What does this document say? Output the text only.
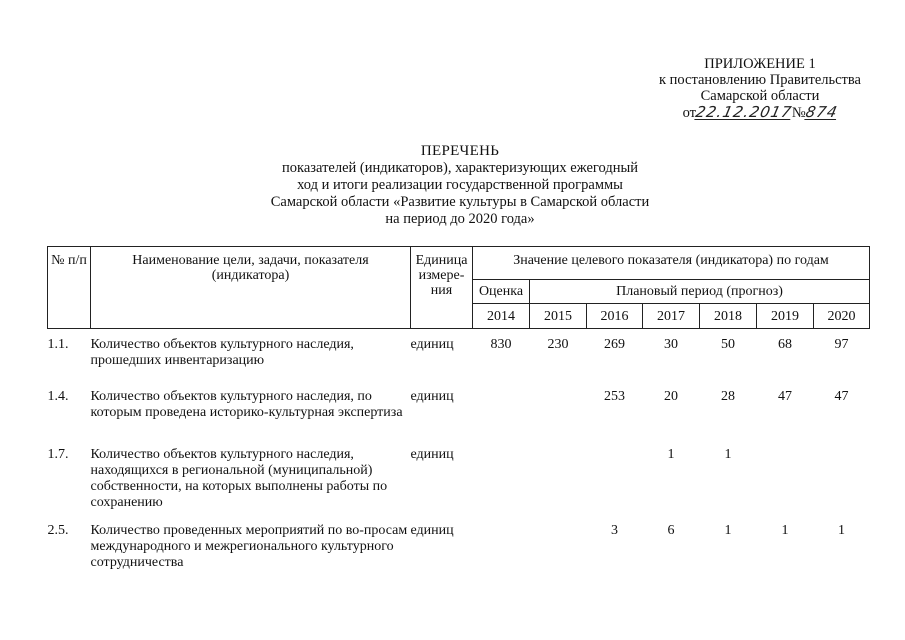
ПРИЛОЖЕНИЕ 1
к постановлению Правительства
Самарской области
от22.12.2017№874
ПЕРЕЧЕНЬ
показателей (индикаторов), характеризующих ежегодный
ход и итоги реализации государственной программы
Самарской области «Развитие культуры в Самарской области
на период до 2020 года»
№ п/п	Наименование цели, задачи, показателя (индикатора)	Единица измере-ния	Значение целевого показателя (индикатора) по годам						
			Оценка	Плановый период (прогноз)					
			2014	2015	2016	2017	2018	2019	2020
1.1.	Количество объектов культурного наследия, прошедших инвентаризацию	единиц	830	230	269	30	50	68	97
1.4.	Количество объектов культурного наследия, по которым проведена историко-культурная экспертиза	единиц			253	20	28	47	47
1.7.	Количество объектов культурного наследия, находящихся в региональной (муниципальной) собственности, на которых выполнены работы по сохранению	единиц				1	1		
2.5.	Количество проведенных мероприятий по во-просам международного и межрегионального культурного сотрудничества	единиц			3	6	1	1	1
